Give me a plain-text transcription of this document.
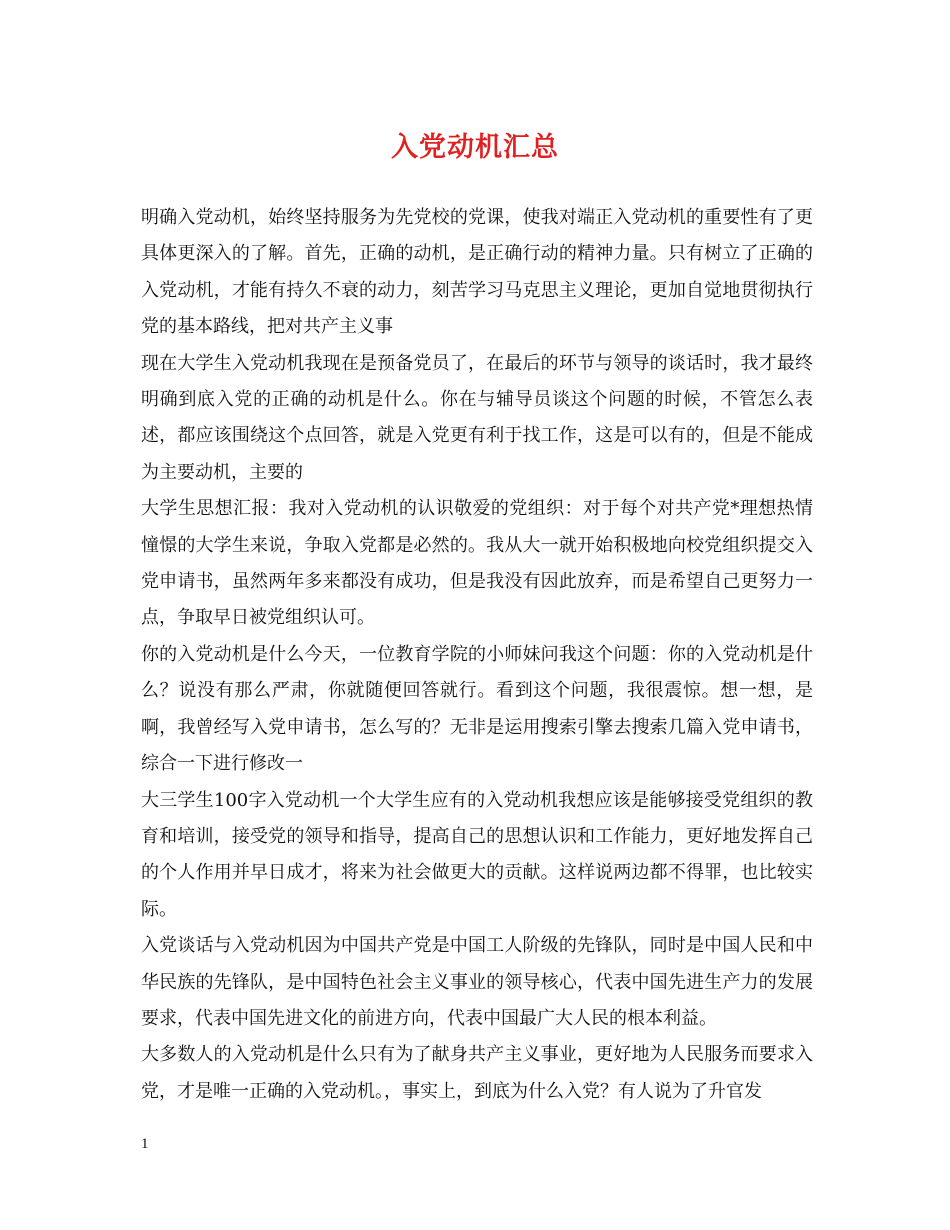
入党动机汇总

明确入党动机，始终坚持服务为先党校的党课，使我对端正入党动机的重要性有了更具体更深入的了解。首先，正确的动机，是正确行动的精神力量。只有树立了正确的入党动机，才能有持久不衰的动力，刻苦学习马克思主义理论，更加自觉地贯彻执行党的基本路线，把对共产主义事

现在大学生入党动机我现在是预备党员了，在最后的环节与领导的谈话时，我才最终明确到底入党的正确的动机是什么。你在与辅导员谈这个问题的时候，不管怎么表述，都应该围绕这个点回答，就是入党更有利于找工作，这是可以有的，但是不能成为主要动机，主要的

大学生思想汇报：我对入党动机的认识敬爱的党组织：对于每个对共产党*理想热情憧憬的大学生来说，争取入党都是必然的。我从大一就开始积极地向校党组织提交入党申请书，虽然两年多来都没有成功，但是我没有因此放弃，而是希望自己更努力一点，争取早日被党组织认可。

你的入党动机是什么今天，一位教育学院的小师妹问我这个问题：你的入党动机是什么？说没有那么严肃，你就随便回答就行。看到这个问题，我很震惊。想一想，是啊，我曾经写入党申请书，怎么写的？无非是运用搜索引擎去搜索几篇入党申请书，综合一下进行修改一

大三学生100字入党动机一个大学生应有的入党动机我想应该是能够接受党组织的教育和培训，接受党的领导和指导，提高自己的思想认识和工作能力，更好地发挥自己的个人作用并早日成才，将来为社会做更大的贡献。这样说两边都不得罪，也比较实际。

入党谈话与入党动机因为中国共产党是中国工人阶级的先锋队，同时是中国人民和中华民族的先锋队，是中国特色社会主义事业的领导核心，代表中国先进生产力的发展要求，代表中国先进文化的前进方向，代表中国最广大人民的根本利益。

大多数人的入党动机是什么只有为了献身共产主义事业，更好地为人民服务而要求入党，才是唯一正确的入党动机。，事实上，到底为什么入党？有人说为了升官发

1
